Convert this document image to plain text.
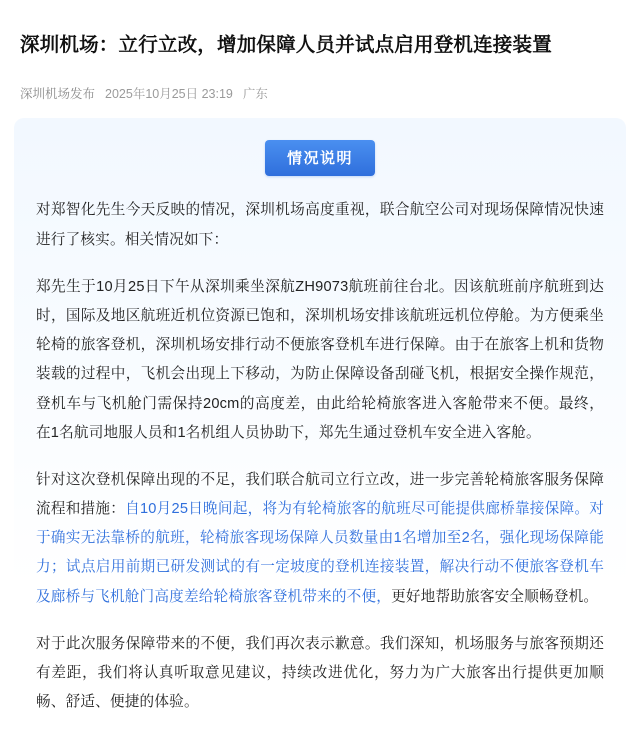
深圳机场：立行立改，增加保障人员并试点启用登机连接装置
深圳机场发布 2025年10月25日 23:19 广东
情况说明

对郑智化先生今天反映的情况，深圳机场高度重视，联合航空公司对现场保障情况快速进行了核实。相关情况如下：

郑先生于10月25日下午从深圳乘坐深航ZH9073航班前往台北。因该航班前序航班到达时，国际及地区航班近机位资源已饱和，深圳机场安排该航班远机位停舱。为方便乘坐轮椅的旅客登机，深圳机场安排行动不便旅客登机车进行保障。由于在旅客上机和货物装载的过程中，飞机会出现上下移动，为防止保障设备刮碰飞机，根据安全操作规范，登机车与飞机舱门需保持20cm的高度差，由此给轮椅旅客进入客舱带来不便。最终，在1名航司地服人员和1名机组人员协助下，郑先生通过登机车安全进入客舱。

针对这次登机保障出现的不足，我们联合航司立行立改，进一步完善轮椅旅客服务保障流程和措施：自10月25日晚间起，将为有轮椅旅客的航班尽可能提供廊桥靠接保障。对于确实无法靠桥的航班，轮椅旅客现场保障人员数量由1名增加至2名，强化现场保障能力；试点启用前期已研发测试的有一定坡度的登机连接装置，解决行动不便旅客登机车及廊桥与飞机舱门高度差给轮椅旅客登机带来的不便，更好地帮助旅客安全顺畅登机。

对于此次服务保障带来的不便，我们再次表示歉意。我们深知，机场服务与旅客预期还有差距，我们将认真听取意见建议，持续改进优化，努力为广大旅客出行提供更加顺畅、舒适、便捷的体验。
